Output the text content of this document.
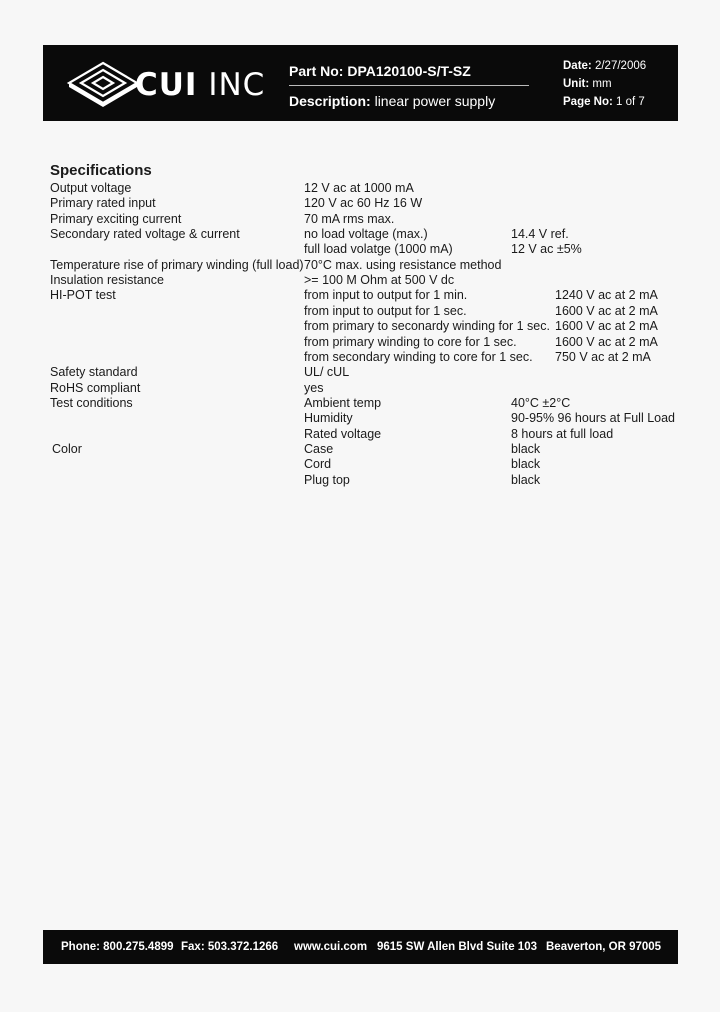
CUI INC Part No: DPA120100-S/T-SZ
Description: linear power supply
Date: 2/27/2006
Unit: mm
Page No: 1 of 7
Specifications
Output voltage	12 V ac at 1000 mA
Primary rated input	120 V ac 60 Hz 16 W
Primary exciting current	70 mA rms max.
Secondary rated voltage & current	no load voltage (max.)	14.4 V ref.
full load volatge (1000 mA)	12 V ac ±5%
Temperature rise of primary winding (full load) 70°C max. using resistance method
Insulation resistance	>= 100 M Ohm at 500 V dc
HI-POT test	from input to output for 1 min.	1240 V ac at 2 mA
from input to output for 1 sec.	1600 V ac at 2 mA
from primary to seconardy winding for 1 sec. 1600 V ac at 2 mA
from primary winding to core for 1 sec.	1600 V ac at 2 mA
from secondary winding to core for 1 sec. 750 V ac at 2 mA
Safety standard	UL/ cUL
RoHS compliant	yes
Test conditions	Ambient temp	40°C ±2°C
Humidity	90-95% 96 hours at Full Load
Rated voltage	8 hours at full load
Color	Case	black
Cord	black
Plug top	black
Phone: 800.275.4899 Fax: 503.372.1266 www.cui.com 9615 SW Allen Blvd Suite 103 Beaverton, OR 97005
